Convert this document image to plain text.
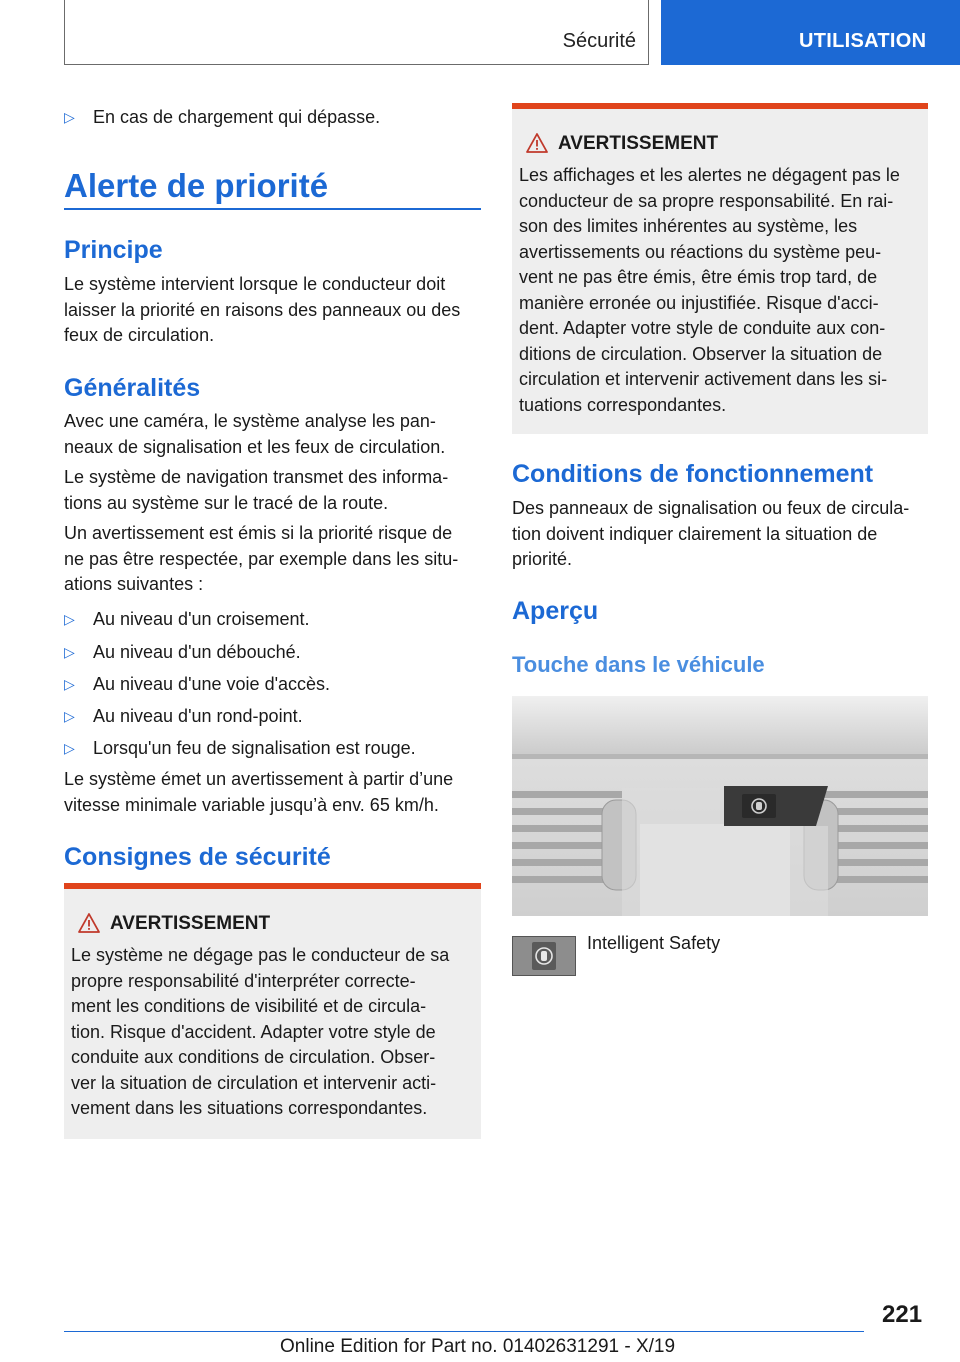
Sécurité	UTILISATION
▷ En cas de chargement qui dépasse.
Alerte de priorité
Principe
Le système intervient lorsque le conducteur doit
laisser la priorité en raisons des panneaux ou des
feux de circulation.
Généralités
Avec une caméra, le système analyse les pan-
neaux de signalisation et les feux de circulation.
Le système de navigation transmet des informa-
tions au système sur le tracé de la route.
Un avertissement est émis si la priorité risque de
ne pas être respectée, par exemple dans les situ-
ations suivantes :
▷ Au niveau d'un croisement.
▷ Au niveau d'un débouché.
▷ Au niveau d'une voie d'accès.
▷ Au niveau d'un rond-point.
▷ Lorsqu'un feu de signalisation est rouge.
Le système émet un avertissement à partir d’une
vitesse minimale variable jusqu’à env. 65 km/h.
Consignes de sécurité
AVERTISSEMENT
Le système ne dégage pas le conducteur de sa
propre responsabilité d'interpréter correcte-
ment les conditions de visibilité et de circula-
tion. Risque d'accident. Adapter votre style de
conduite aux conditions de circulation. Obser-
ver la situation de circulation et intervenir acti-
vement dans les situations correspondantes.
AVERTISSEMENT
Les affichages et les alertes ne dégagent pas le
conducteur de sa propre responsabilité. En rai-
son des limites inhérentes au système, les
avertissements ou réactions du système peu-
vent ne pas être émis, être émis trop tard, de
manière erronée ou injustifiée. Risque d'acci-
dent. Adapter votre style de conduite aux con-
ditions de circulation. Observer la situation de
circulation et intervenir activement dans les si-
tuations correspondantes.
Conditions de fonctionnement
Des panneaux de signalisation ou feux de circula-
tion doivent indiquer clairement la situation de
priorité.
Aperçu
Touche dans le véhicule
Intelligent Safety
221
Online Edition for Part no. 01402631291 - X/19
